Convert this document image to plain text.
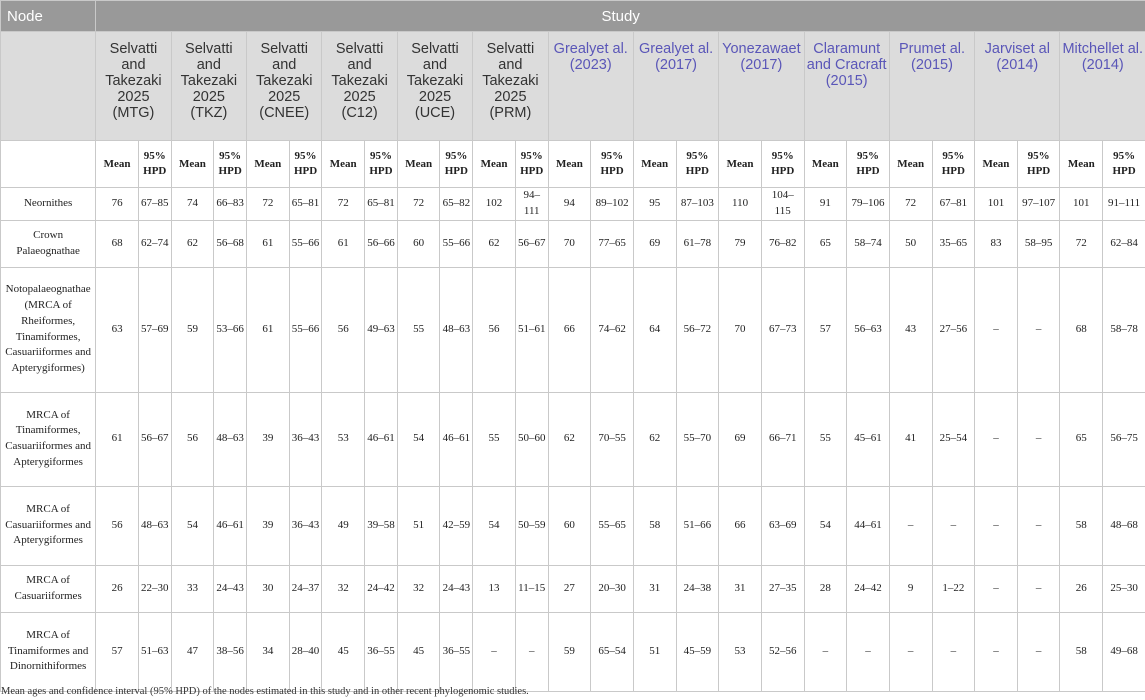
Node	Study																									
	Selvatti and Takezaki 2025 (MTG)		Selvatti and Takezaki 2025 (TKZ)		Selvatti and Takezaki 2025 (CNEE)		Selvatti and Takezaki 2025 (C12)		Selvatti and Takezaki 2025 (UCE)		Selvatti and Takezaki 2025 (PRM)		Grealyet al. (2023)		Grealyet al. (2017)		Yonezawaet (2017)		Claramunt and Cracraft (2015)		Prumet al. (2015)		Jarviset al (2014)		Mitchellet al. (2014)	
	Mean	95% HPD	Mean	95% HPD	Mean	95% HPD	Mean	95% HPD	Mean	95% HPD	Mean	95% HPD	Mean	95% HPD	Mean	95% HPD	Mean	95% HPD	Mean	95% HPD	Mean	95% HPD	Mean	95% HPD	Mean	95% HPD
Neornithes	76	67–85	74	66–83	72	65–81	72	65–81	72	65–82	102	94–111	94	89–102	95	87–103	110	104–115	91	79–106	72	67–81	101	97–107	101	91–111
Crown Palaeognathae	68	62–74	62	56–68	61	55–66	61	56–66	60	55–66	62	56–67	70	77–65	69	61–78	79	76–82	65	58–74	50	35–65	83	58–95	72	62–84
Notopalaeognathae (MRCA of Rheiformes, Tinamiformes, Casuariiformes and Apterygiformes)	63	57–69	59	53–66	61	55–66	56	49–63	55	48–63	56	51–61	66	74–62	64	56–72	70	67–73	57	56–63	43	27–56	–	–	68	58–78
MRCA of Tinamiformes, Casuariiformes and Apterygiformes	61	56–67	56	48–63	39	36–43	53	46–61	54	46–61	55	50–60	62	70–55	62	55–70	69	66–71	55	45–61	41	25–54	–	–	65	56–75
MRCA of Casuariiformes and Apterygiformes	56	48–63	54	46–61	39	36–43	49	39–58	51	42–59	54	50–59	60	55–65	58	51–66	66	63–69	54	44–61	–	–	–	–	58	48–68
MRCA of Casuariiformes	26	22–30	33	24–43	30	24–37	32	24–42	32	24–43	13	11–15	27	20–30	31	24–38	31	27–35	28	24–42	9	1–22	–	–	26	25–30
MRCA of Tinamiformes and Dinornithiformes	57	51–63	47	38–56	34	28–40	45	36–55	45	36–55	–	–	59	65–54	51	45–59	53	52–56	–	–	–	–	–	–	58	49–68
Mean ages and confidence interval (95% HPD) of the nodes estimated in this study and in other recent phylogenomic studies.
